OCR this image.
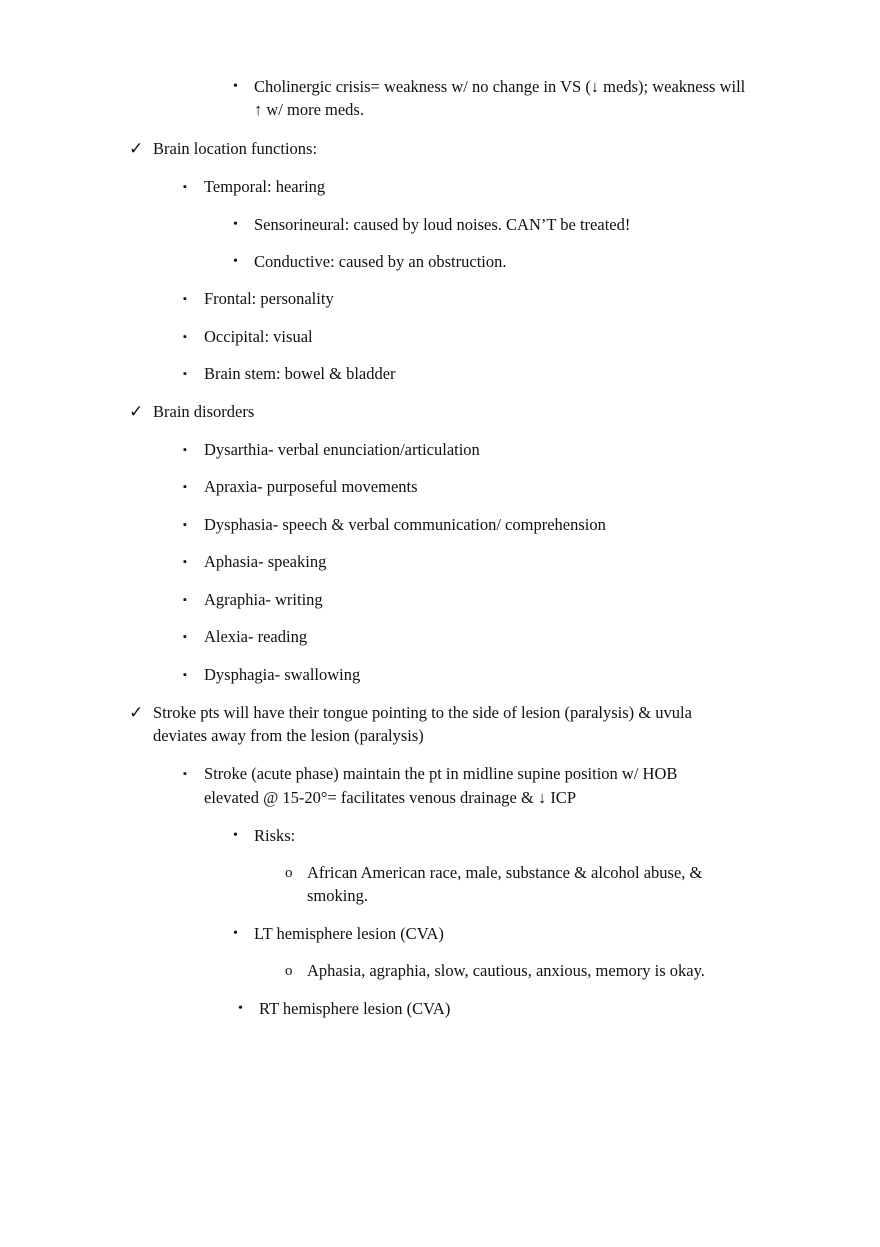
• Cholinergic crisis= weakness w/ no change in VS (↓ meds); weakness will
↑ w/ more meds.
✓ Brain location functions:
▪ Temporal: hearing
• Sensorineural: caused by loud noises. CAN’T be treated!
• Conductive: caused by an obstruction.
▪ Frontal: personality
▪ Occipital: visual
▪ Brain stem: bowel & bladder
✓ Brain disorders
▪ Dysarthia- verbal enunciation/articulation
▪ Apraxia- purposeful movements
▪ Dysphasia- speech & verbal communication/ comprehension
▪ Aphasia- speaking
▪ Agraphia- writing
▪ Alexia- reading
▪ Dysphagia- swallowing
✓ Stroke pts will have their tongue pointing to the side of lesion (paralysis) & uvula
deviates away from the lesion (paralysis)
▪ Stroke (acute phase) maintain the pt in midline supine position w/ HOB
elevated @ 15-20°= facilitates venous drainage & ↓ ICP
• Risks:
o African American race, male, substance & alcohol abuse, &
smoking.
• LT hemisphere lesion (CVA)
o Aphasia, agraphia, slow, cautious, anxious, memory is okay.
• RT hemisphere lesion (CVA)
